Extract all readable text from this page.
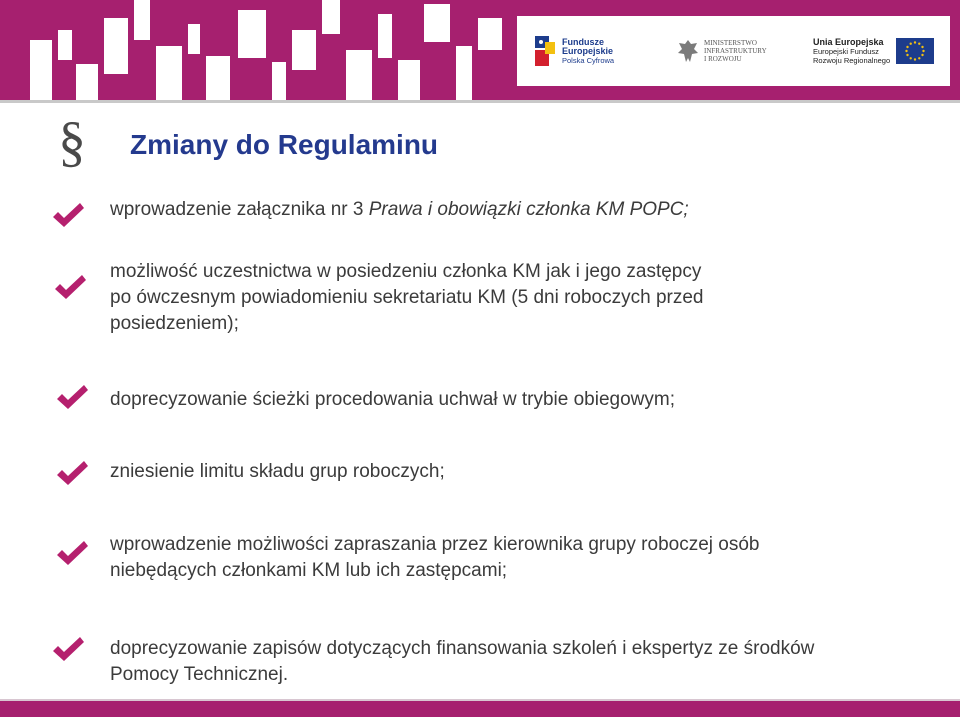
Fundusze
Europejskie
Polska Cyfrowa
MINISTERSTWO
INFRASTRUKTURY
I ROZWOJU
Unia Europejska
Europejski Fundusz
Rozwoju Regionalnego
§ Zmiany do Regulaminu
wprowadzenie załącznika nr 3 Prawa i obowiązki członka KM POPC;
możliwość uczestnictwa w posiedzeniu członka KM jak i jego zastępcy
po ówczesnym powiadomieniu sekretariatu KM (5 dni roboczych przed
posiedzeniem);
doprecyzowanie ścieżki procedowania uchwał w trybie obiegowym;
zniesienie limitu składu grup roboczych;
wprowadzenie możliwości zapraszania przez kierownika grupy roboczej osób
niebędących członkami KM lub ich zastępcami;
doprecyzowanie zapisów dotyczących finansowania szkoleń i ekspertyz ze środków
Pomocy Technicznej.
